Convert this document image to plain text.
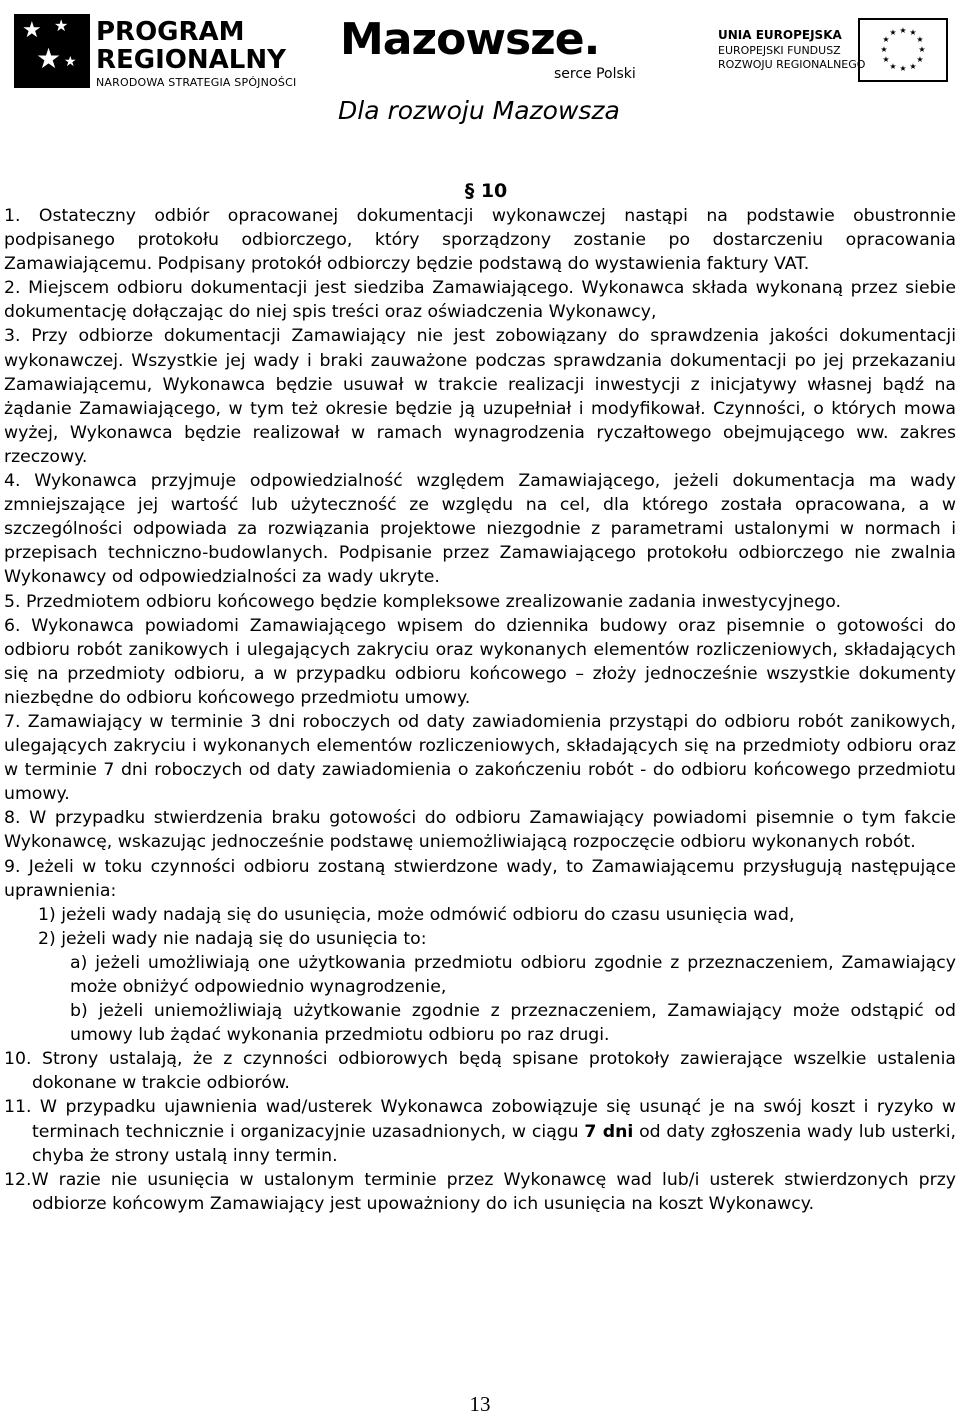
★ ★
★ ★
PROGRAM
REGIONALNY
NARODOWA STRATEGIA SPÓJNOŚCI
Mazowsze.
serce Polski
UNIA EUROPEJSKA
EUROPEJSKI FUNDUSZ
ROZWOJU REGIONALNEGO
★ ★
★
★
★
★
★
★
★
★
★
★
Dla rozwoju Mazowsza
§ 10
1. Ostateczny odbiór opracowanej dokumentacji wykonawczej nastąpi na podstawie obustronnie podpisanego protokołu odbiorczego, który sporządzony zostanie po dostarczeniu opracowania Zamawiającemu. Podpisany protokół odbiorczy będzie podstawą do wystawienia faktury VAT.
2. Miejscem odbioru dokumentacji jest siedziba Zamawiającego. Wykonawca składa wykonaną przez siebie dokumentację dołączając do niej spis treści oraz oświadczenia Wykonawcy,
3. Przy odbiorze dokumentacji Zamawiający nie jest zobowiązany do sprawdzenia jakości dokumentacji wykonawczej. Wszystkie jej wady i braki zauważone podczas sprawdzania dokumentacji po jej przekazaniu Zamawiającemu, Wykonawca będzie usuwał w trakcie realizacji inwestycji z inicjatywy własnej bądź na żądanie Zamawiającego, w tym też okresie będzie ją uzupełniał i modyfikował. Czynności, o których mowa wyżej, Wykonawca będzie realizował w ramach wynagrodzenia ryczałtowego obejmującego ww. zakres rzeczowy.
4. Wykonawca przyjmuje odpowiedzialność względem Zamawiającego, jeżeli dokumentacja ma wady zmniejszające jej wartość lub użyteczność ze względu na cel, dla którego została opracowana, a w szczególności odpowiada za rozwiązania projektowe niezgodnie z parametrami ustalonymi w normach i przepisach techniczno-budowlanych. Podpisanie przez Zamawiającego protokołu odbiorczego nie zwalnia Wykonawcy od odpowiedzialności za wady ukryte.
5. Przedmiotem odbioru końcowego będzie kompleksowe zrealizowanie zadania inwestycyjnego.
6. Wykonawca powiadomi Zamawiającego wpisem do dziennika budowy oraz pisemnie o gotowości do odbioru robót zanikowych i ulegających zakryciu oraz wykonanych elementów rozliczeniowych, składających się na przedmioty odbioru, a w przypadku odbioru końcowego – złoży jednocześnie wszystkie dokumenty niezbędne do odbioru końcowego przedmiotu umowy.
7. Zamawiający w terminie 3 dni roboczych od daty zawiadomienia przystąpi do odbioru robót zanikowych, ulegających zakryciu i wykonanych elementów rozliczeniowych, składających się na przedmioty odbioru oraz w terminie 7 dni roboczych od daty zawiadomienia o zakończeniu robót - do odbioru końcowego przedmiotu umowy.
8. W przypadku stwierdzenia braku gotowości do odbioru Zamawiający powiadomi pisemnie o tym fakcie Wykonawcę, wskazując jednocześnie podstawę uniemożliwiającą rozpoczęcie odbioru wykonanych robót.
9. Jeżeli w toku czynności odbioru zostaną stwierdzone wady, to Zamawiającemu przysługują następujące uprawnienia:
1) jeżeli wady nadają się do usunięcia, może odmówić odbioru do czasu usunięcia wad,
2) jeżeli wady nie nadają się do usunięcia to:
a) jeżeli umożliwiają one użytkowania przedmiotu odbioru zgodnie z przeznaczeniem, Zamawiający może obniżyć odpowiednio wynagrodzenie,
b) jeżeli uniemożliwiają użytkowanie zgodnie z przeznaczeniem, Zamawiający może odstąpić od umowy lub żądać wykonania przedmiotu odbioru po raz drugi.
10. Strony ustalają, że z czynności odbiorowych będą spisane protokoły zawierające wszelkie ustalenia dokonane w trakcie odbiorów.
11. W przypadku ujawnienia wad/usterek Wykonawca zobowiązuje się usunąć je na swój koszt i ryzyko w terminach technicznie i organizacyjnie uzasadnionych, w ciągu 7 dni od daty zgłoszenia wady lub usterki, chyba że strony ustalą inny termin.
12.W razie nie usunięcia w ustalonym terminie przez Wykonawcę wad lub/i usterek stwierdzonych przy odbiorze końcowym Zamawiający jest upoważniony do ich usunięcia na koszt Wykonawcy.
13
